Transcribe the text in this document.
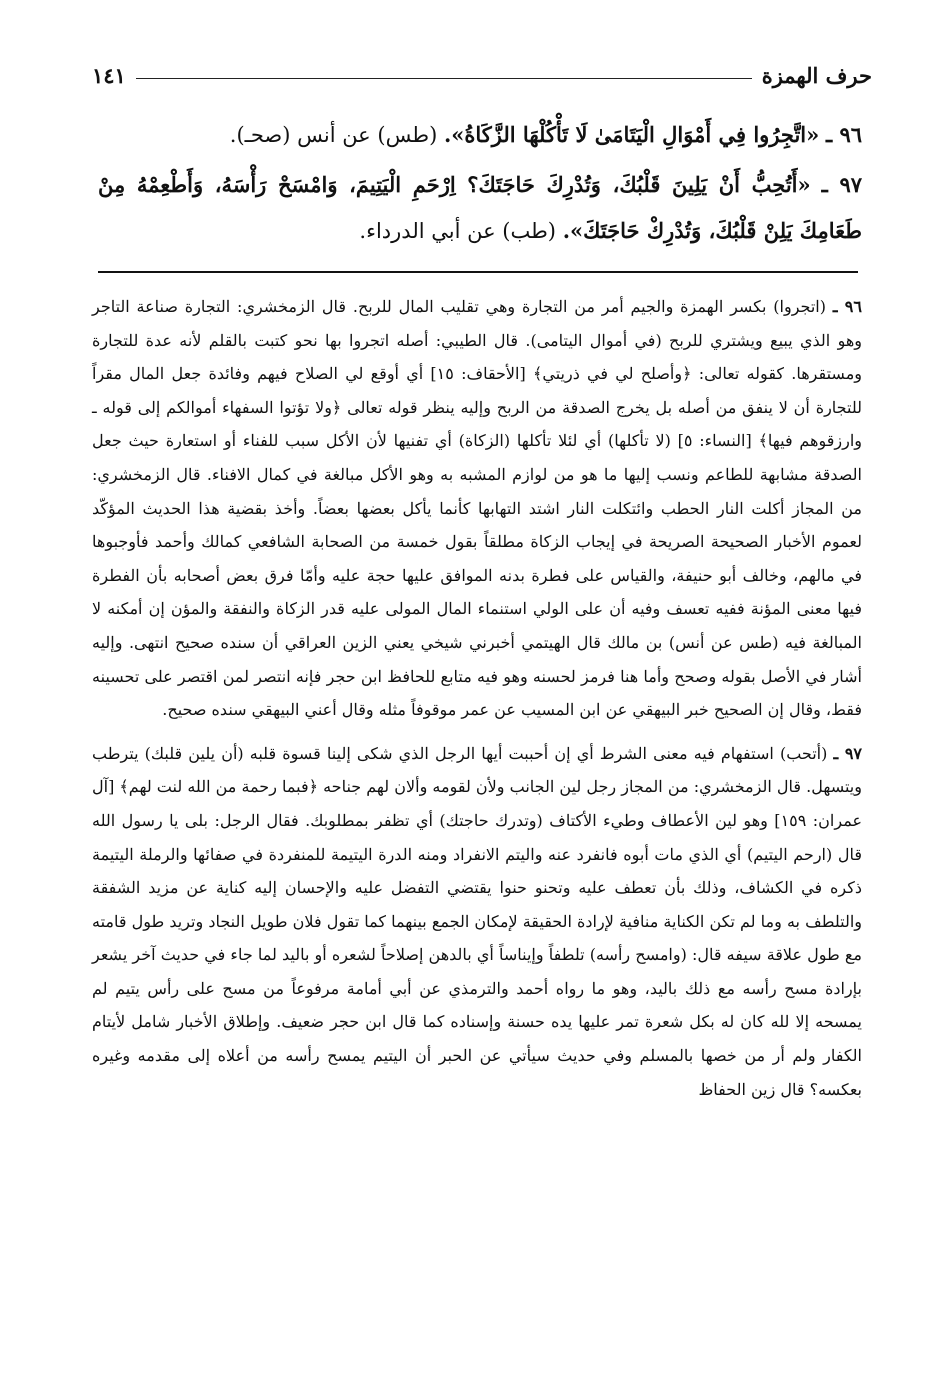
حرف الهمزة
١٤١

٩٦ ـ «اتَّجِرُوا فِي أَمْوَالِ الْيَتَامَىٰ لَا تَأْكُلْهَا الزَّكَاةُ». (طس) عن أنس (صحـ).

٩٧ ـ «أَتُحِبُّ أَنْ يَلِينَ قَلْبُكَ، وَتُدْرِكَ حَاجَتَكَ؟ اِرْحَمِ الْيَتِيمَ، وَامْسَحْ رَأْسَهُ، وَأَطْعِمْهُ مِنْ طَعَامِكَ يَلِنْ قَلْبُكَ، وَتُدْرِكْ حَاجَتَكَ». (طب) عن أبي الدرداء.

٩٦ ـ (اتجروا) بكسر الهمزة والجيم أمر من التجارة وهي تقليب المال للربح. قال الزمخشري: التجارة صناعة التاجر وهو الذي يبيع ويشتري للربح (في أموال اليتامى). قال الطيبي: أصله اتجروا بها نحو كتبت بالقلم لأنه عدة للتجارة ومستقرها. كقوله تعالى: ﴿وأصلح لي في ذريتي﴾ [الأحقاف: ١٥] أي أوقع لي الصلاح فيهم وفائدة جعل المال مقراً للتجارة أن لا ينفق من أصله بل يخرج الصدقة من الربح وإليه ينظر قوله تعالى ﴿ولا تؤتوا السفهاء أموالكم إلى قوله ـ وارزقوهم فيها﴾ [النساء: ٥] (لا تأكلها) أي لئلا تأكلها (الزكاة) أي تفنيها لأن الأكل سبب للفناء أو استعارة حيث جعل الصدقة مشابهة للطاعم ونسب إليها ما هو من لوازم المشبه به وهو الأكل مبالغة في كمال الافناء. قال الزمخشري: من المجاز أكلت النار الحطب وائتكلت النار اشتد التهابها كأنما يأكل بعضها بعضاً. وأخذ بقضية هذا الحديث المؤكّد لعموم الأخبار الصحيحة الصريحة في إيجاب الزكاة مطلقاً بقول خمسة من الصحابة الشافعي كمالك وأحمد فأوجبوها في مالهم، وخالف أبو حنيفة، والقياس على فطرة بدنه الموافق عليها حجة عليه وأمّا فرق بعض أصحابه بأن الفطرة فيها معنى المؤنة ففيه تعسف وفيه أن على الولي استنماء المال المولى عليه قدر الزكاة والنفقة والمؤن إن أمكنه لا المبالغة فيه (طس عن أنس) بن مالك قال الهيتمي أخبرني شيخي يعني الزين العراقي أن سنده صحيح انتهى. وإليه أشار في الأصل بقوله وصحح وأما هنا فرمز لحسنه وهو فيه متابع للحافظ ابن حجر فإنه انتصر لمن اقتصر على تحسينه فقط، وقال إن الصحيح خبر البيهقي عن ابن المسيب عن عمر موقوفاً مثله وقال أعني البيهقي سنده صحيح.

٩٧ ـ (أتحب) استفهام فيه معنى الشرط أي إن أحببت أيها الرجل الذي شكى إلينا قسوة قلبه (أن يلين قلبك) يترطب ويتسهل. قال الزمخشري: من المجاز رجل لين الجانب ولأن لقومه وألان لهم جناحه ﴿فبما رحمة من الله لنت لهم﴾ [آل عمران: ١٥٩] وهو لين الأعطاف وطيء الأكتاف (وتدرك حاجتك) أي تظفر بمطلوبك. فقال الرجل: بلى يا رسول الله قال (ارحم اليتيم) أي الذي مات أبوه فانفرد عنه واليتم الانفراد ومنه الدرة اليتيمة للمنفردة في صفائها والرملة اليتيمة ذكره في الكشاف، وذلك بأن تعطف عليه وتحنو حنوا يقتضي التفضل عليه والإحسان إليه كناية عن مزيد الشفقة والتلطف به وما لم تكن الكناية منافية لإرادة الحقيقة لإمكان الجمع بينهما كما تقول فلان طويل النجاد وتريد طول قامته مع طول علاقة سيفه قال: (وامسح رأسه) تلطفاً وإيناساً أي بالدهن إصلاحاً لشعره أو باليد لما جاء في حديث آخر يشعر بإرادة مسح رأسه مع ذلك باليد، وهو ما رواه أحمد والترمذي عن أبي أمامة مرفوعاً من مسح على رأس يتيم لم يمسحه إلا لله كان له بكل شعرة تمر عليها يده حسنة وإسناده كما قال ابن حجر ضعيف. وإطلاق الأخبار شامل لأيتام الكفار ولم أر من خصها بالمسلم وفي حديث سيأتي عن الحبر أن اليتيم يمسح رأسه من أعلاه إلى مقدمه وغيره بعكسه؟ قال زين الحفاظ
